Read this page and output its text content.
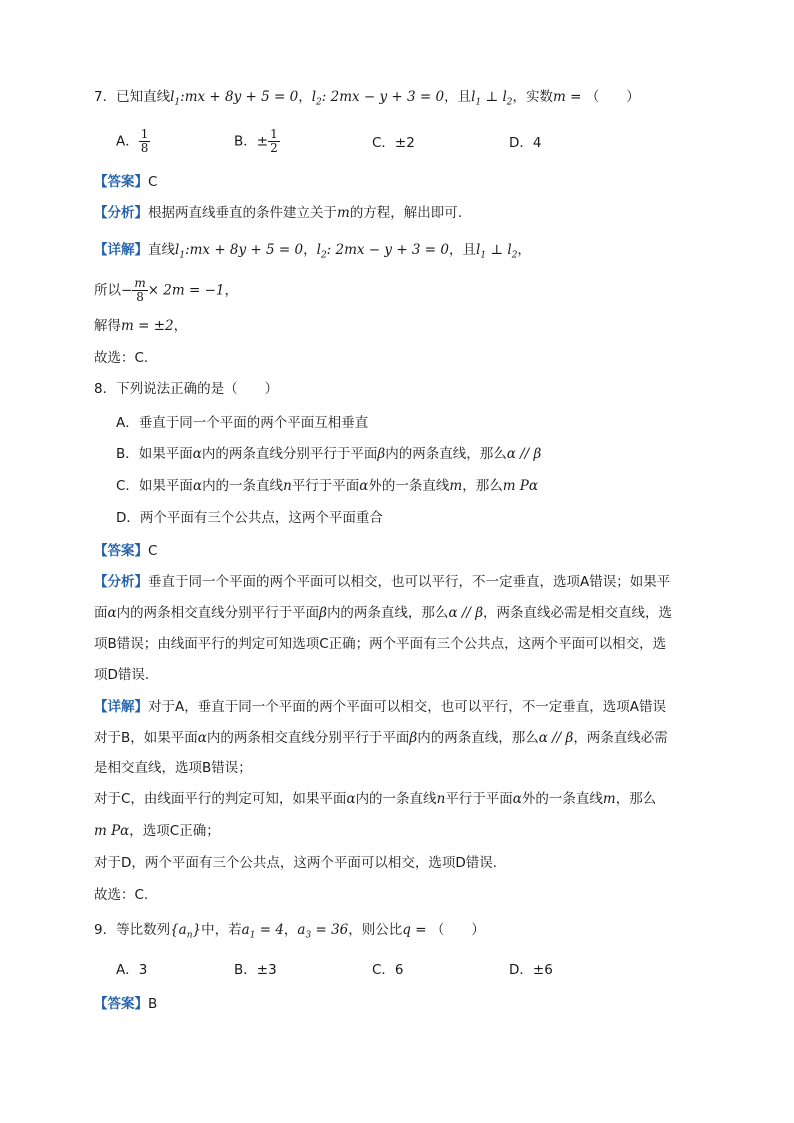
7．已知直线$l_1:mx + 8y + 5 = 0$，$l_2$: 2mx − y + 3 = 0，且$l_1$ ⊥ $l_2$，实数m = （　　）
A． $\frac{1}{8}$	B．± $\frac{1}{2}$	C．±2	D．4
【答案】C
【分析】根据两直线垂直的条件建立关于m的方程，解出即可.
【详解】直线$l_1:mx + 8y + 5 = 0$，$l_2$: 2mx − y + 3 = 0，且$l_1$ ⊥ $l_2$，
所以− $\frac{m}{8} \times 2m = -1$，
解得m = ±2，
故选：C.
8．下列说法正确的是（　　）
A．垂直于同一个平面的两个平面互相垂直
B．如果平面α内的两条直线分别平行于平面β内的两条直线，那么α // β
C．如果平面α内的一条直线n平行于平面α外的一条直线m，那么m Pα
D．两个平面有三个公共点，这两个平面重合
【答案】C
【分析】垂直于同一个平面的两个平面可以相交，也可以平行，不一定垂直，选项A错误；如果平
面α内的两条相交直线分别平行于平面β内的两条直线，那么α // β，两条直线必需是相交直线，选
项B错误；由线面平行的判定可知选项C正确；两个平面有三个公共点，这两个平面可以相交，选
项D错误.
【详解】对于A，垂直于同一个平面的两个平面可以相交，也可以平行，不一定垂直，选项A错误
对于B，如果平面α内的两条相交直线分别平行于平面β内的两条直线，那么α // β，两条直线必需
是相交直线，选项B错误；
对于C，由线面平行的判定可知，如果平面α内的一条直线n平行于平面α外的一条直线m，那么
m Pα，选项C正确；
对于D，两个平面有三个公共点，这两个平面可以相交，选项D错误.
故选：C.
9．等比数列$\{a_n\}$中，若$a_1 = 4$，$a_3 = 36$，则公比q = （　　）
A．3	B．±3	C．6	D．±6
【答案】B
